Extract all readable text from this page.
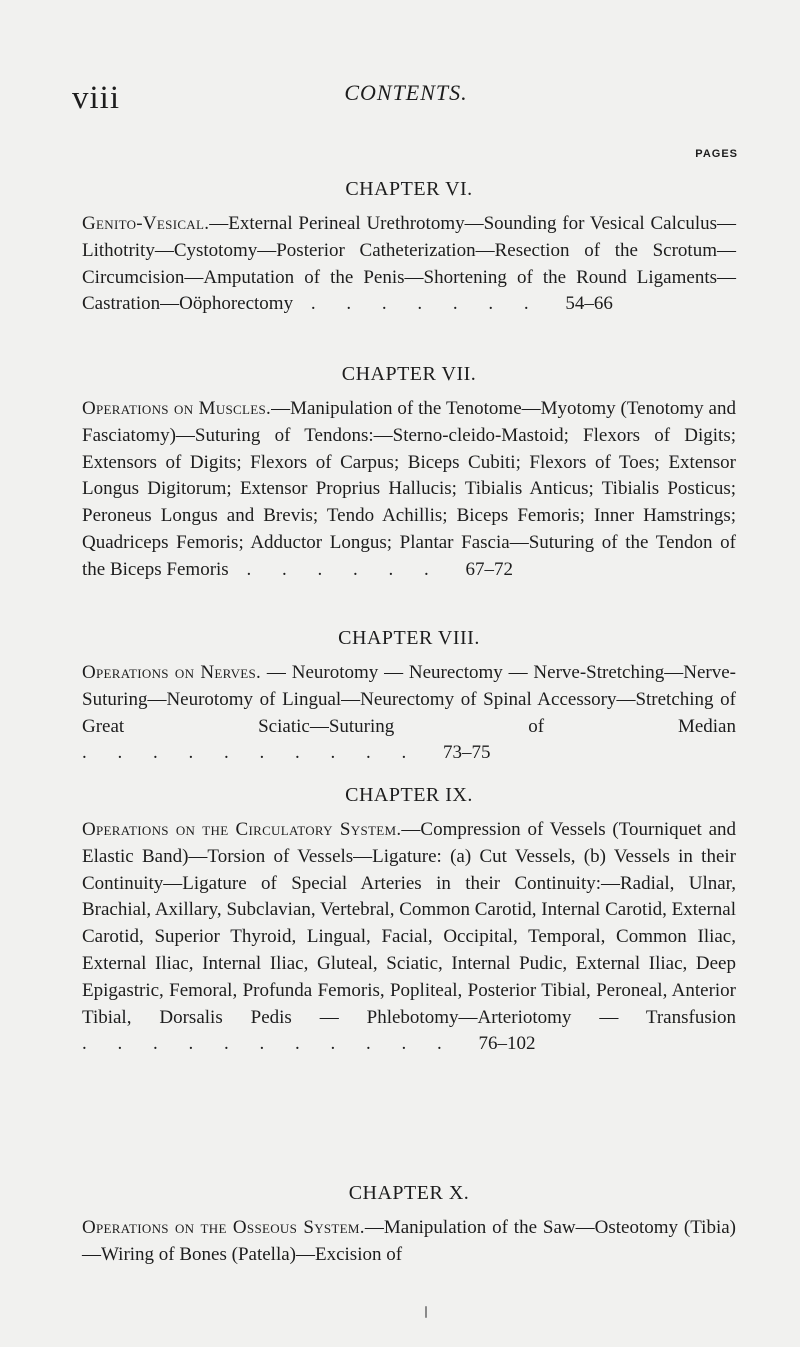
viii	CONTENTS.
PAGES
CHAPTER VI.

Genito-Vesical.—External Perineal Urethrotomy—Sounding for Vesical Calculus—Lithotrity—Cystotomy—Posterior Catheterization—Resection of the Scrotum—Circumcision—Amputation of the Penis—Shortening of the Round Ligaments—Castration—Oöphorectomy . . . . . . . 54–66

CHAPTER VII.

Operations on Muscles.—Manipulation of the Tenotome—Myotomy (Tenotomy and Fasciatomy)—Suturing of Tendons:—Sterno-cleido-Mastoid; Flexors of Digits; Extensors of Digits; Flexors of Carpus; Biceps Cubiti; Flexors of Toes; Extensor Longus Digitorum; Extensor Proprius Hallucis; Tibialis Anticus; Tibialis Posticus; Peroneus Longus and Brevis; Tendo Achillis; Biceps Femoris; Inner Hamstrings; Quadriceps Femoris; Adductor Longus; Plantar Fascia—Suturing of the Tendon of the Biceps Femoris . . . . . . 67–72

CHAPTER VIII.

Operations on Nerves. — Neurotomy — Neurectomy — Nerve-Stretching—Nerve-Suturing—Neurotomy of Lingual—Neurectomy of Spinal Accessory—Stretching of Great Sciatic—Suturing of Median . . . . . . . . . . 73–75

CHAPTER IX.

Operations on the Circulatory System.—Compression of Vessels (Tourniquet and Elastic Band)—Torsion of Vessels—Ligature: (a) Cut Vessels, (b) Vessels in their Continuity—Ligature of Special Arteries in their Continuity:—Radial, Ulnar, Brachial, Axillary, Subclavian, Vertebral, Common Carotid, Internal Carotid, External Carotid, Superior Thyroid, Lingual, Facial, Occipital, Temporal, Common Iliac, External Iliac, Internal Iliac, Gluteal, Sciatic, Internal Pudic, External Iliac, Deep Epigastric, Femoral, Profunda Femoris, Popliteal, Posterior Tibial, Peroneal, Anterior Tibial, Dorsalis Pedis — Phlebotomy—Arteriotomy — Transfusion . . . . . . . . . . . 76–102

CHAPTER X.

Operations on the Osseous System.—Manipulation of the Saw—Osteotomy (Tibia)—Wiring of Bones (Patella)—Excision of
